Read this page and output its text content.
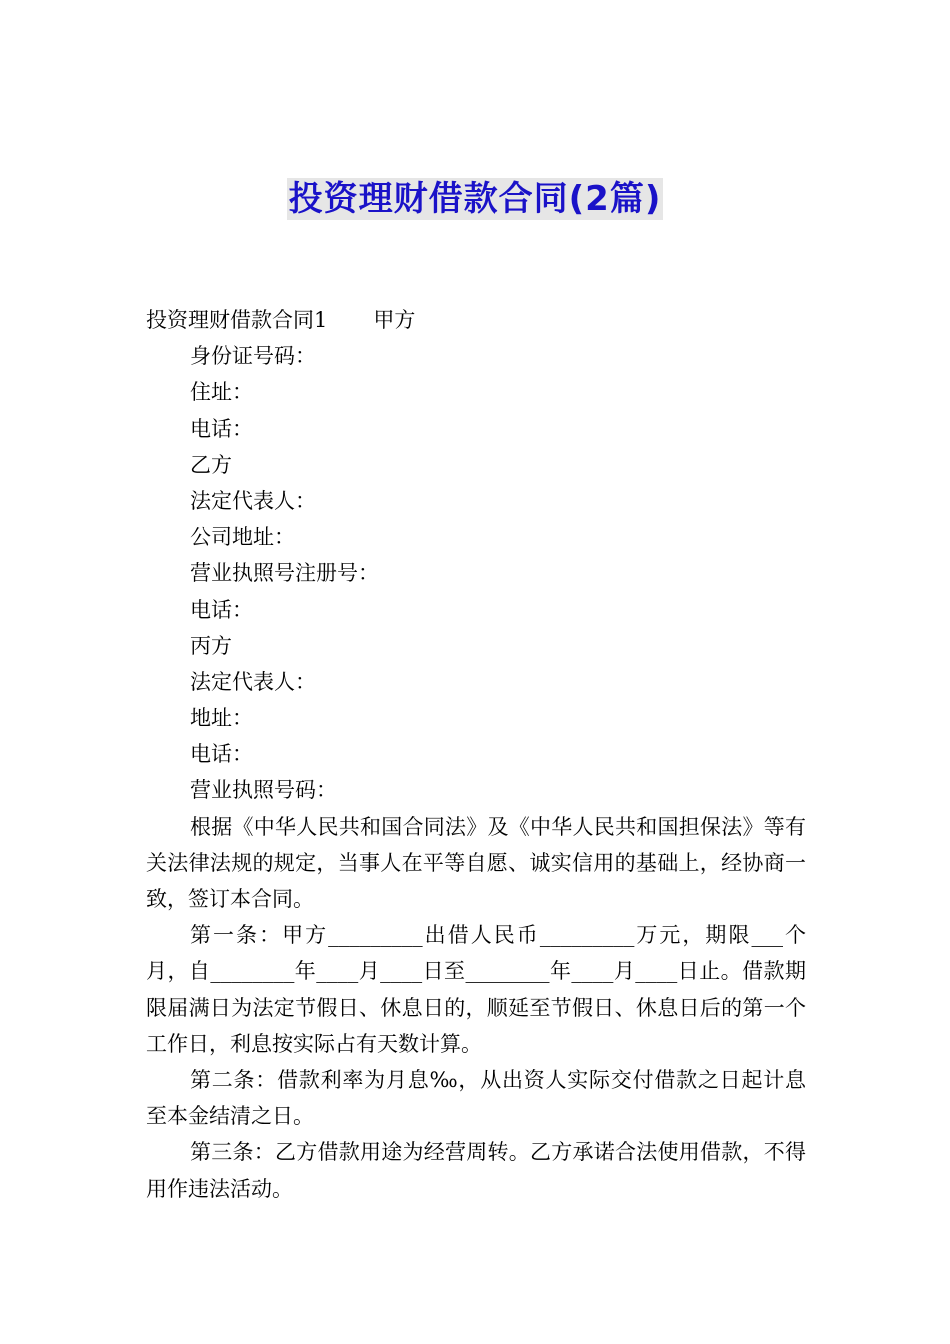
投资理财借款合同(2篇)
投资理财借款合同1 甲方
身份证号码：
住址：
电话：
乙方
法定代表人：
公司地址：
营业执照号注册号：
电话：
丙方
法定代表人：
地址：
电话：
营业执照号码：

根据《中华人民共和国合同法》及《中华人民共和国担保法》等有关法律法规的规定，当事人在平等自愿、诚实信用的基础上，经协商一致，签订本合同。

第一条：甲方_________出借人民币_________万元，期限___个月，自________年____月____日至________年____月____日止。借款期限届满日为法定节假日、休息日的，顺延至节假日、休息日后的第一个工作日，利息按实际占有天数计算。

第二条：借款利率为月息‰，从出资人实际交付借款之日起计息至本金结清之日。

第三条：乙方借款用途为经营周转。乙方承诺合法使用借款，不得用作违法活动。
